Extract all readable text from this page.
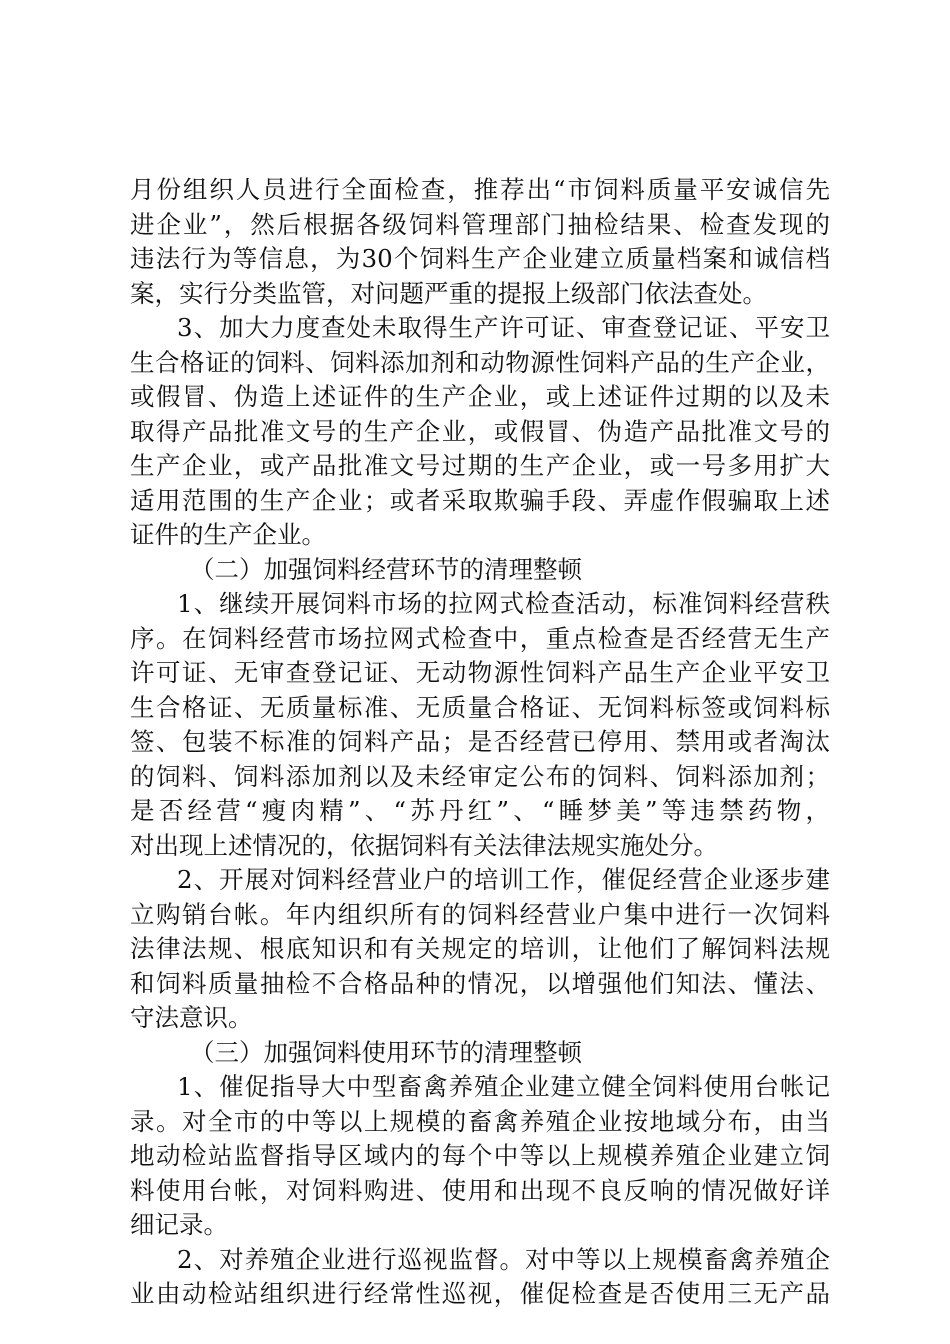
月份组织人员进行全面检查，推荐出“市饲料质量平安诚信先
进企业”，然后根据各级饲料管理部门抽检结果、检查发现的
违法行为等信息，为30个饲料生产企业建立质量档案和诚信档
案，实行分类监管，对问题严重的提报上级部门依法查处。
3、加大力度查处未取得生产许可证、审查登记证、平安卫
生合格证的饲料、饲料添加剂和动物源性饲料产品的生产企业，
或假冒、伪造上述证件的生产企业，或上述证件过期的以及未
取得产品批准文号的生产企业，或假冒、伪造产品批准文号的
生产企业，或产品批准文号过期的生产企业，或一号多用扩大
适用范围的生产企业；或者采取欺骗手段、弄虚作假骗取上述
证件的生产企业。
（二）加强饲料经营环节的清理整顿
1、继续开展饲料市场的拉网式检查活动，标准饲料经营秩
序。在饲料经营市场拉网式检查中，重点检查是否经营无生产
许可证、无审查登记证、无动物源性饲料产品生产企业平安卫
生合格证、无质量标准、无质量合格证、无饲料标签或饲料标
签、包装不标准的饲料产品；是否经营已停用、禁用或者淘汰
的饲料、饲料添加剂以及未经审定公布的饲料、饲料添加剂；
是否经营“瘦肉精”、“苏丹红”、“睡梦美”等违禁药物，
对出现上述情况的，依据饲料有关法律法规实施处分。
2、开展对饲料经营业户的培训工作，催促经营企业逐步建
立购销台帐。年内组织所有的饲料经营业户集中进行一次饲料
法律法规、根底知识和有关规定的培训，让他们了解饲料法规
和饲料质量抽检不合格品种的情况，以增强他们知法、懂法、
守法意识。
（三）加强饲料使用环节的清理整顿
1、催促指导大中型畜禽养殖企业建立健全饲料使用台帐记
录。对全市的中等以上规模的畜禽养殖企业按地域分布，由当
地动检站监督指导区域内的每个中等以上规模养殖企业建立饲
料使用台帐，对饲料购进、使用和出现不良反响的情况做好详
细记录。
2、对养殖企业进行巡视监督。对中等以上规模畜禽养殖企
业由动检站组织进行经常性巡视，催促检查是否使用三无产品
